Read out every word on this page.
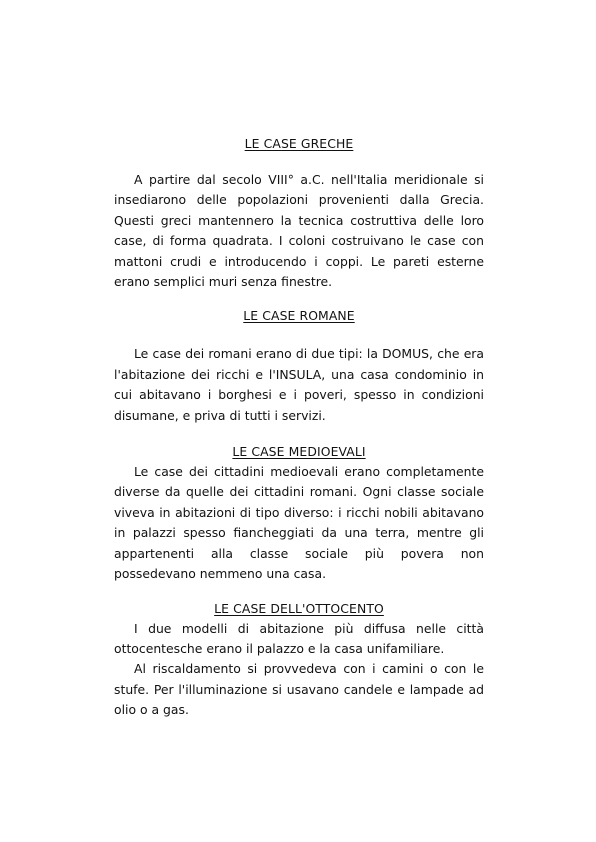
LE CASE GRECHE

A partire dal secolo VIII° a.C. nell'Italia meridionale si insediarono delle popolazioni provenienti dalla Grecia. Questi greci mantennero la tecnica costruttiva delle loro case, di forma quadrata. I coloni costruivano le case con mattoni crudi e introducendo i coppi. Le pareti esterne erano semplici muri senza finestre.

LE CASE ROMANE

Le case dei romani erano di due tipi: la DOMUS, che era l'abitazione dei ricchi e l'INSULA, una casa condominio in cui abitavano i borghesi e i poveri, spesso in condizioni disumane, e priva di tutti i servizi.

LE CASE MEDIOEVALI

Le case dei cittadini medioevali erano completamente diverse da quelle dei cittadini romani. Ogni classe sociale viveva in abitazioni di tipo diverso: i ricchi nobili abitavano in palazzi spesso fiancheggiati da una terra, mentre gli appartenenti alla classe sociale più povera non possedevano nemmeno una casa.

LE CASE DELL'OTTOCENTO

I due modelli di abitazione più diffusa nelle città ottocentesche erano il palazzo e la casa unifamiliare.

Al riscaldamento si provvedeva con i camini o con le stufe. Per l'illuminazione si usavano candele e lampade ad olio o a gas.
